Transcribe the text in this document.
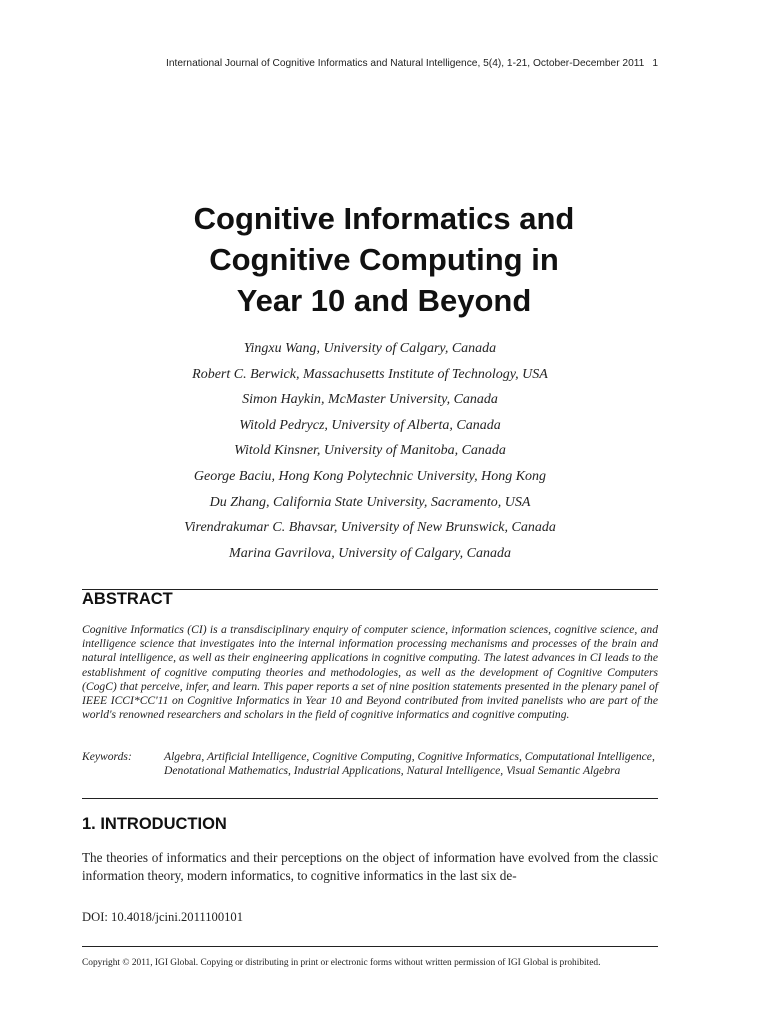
International Journal of Cognitive Informatics and Natural Intelligence, 5(4), 1-21, October-December 2011 1
Cognitive Informatics and
Cognitive Computing in
Year 10 and Beyond
Yingxu Wang, University of Calgary, Canada
Robert C. Berwick, Massachusetts Institute of Technology, USA
Simon Haykin, McMaster University, Canada
Witold Pedrycz, University of Alberta, Canada
Witold Kinsner, University of Manitoba, Canada
George Baciu, Hong Kong Polytechnic University, Hong Kong
Du Zhang, California State University, Sacramento, USA
Virendrakumar C. Bhavsar, University of New Brunswick, Canada
Marina Gavrilova, University of Calgary, Canada
ABSTRACT
Cognitive Informatics (CI) is a transdisciplinary enquiry of computer science, information sciences, cognitive science, and intelligence science that investigates into the internal information processing mechanisms and processes of the brain and natural intelligence, as well as their engineering applications in cognitive computing. The latest advances in CI leads to the establishment of cognitive computing theories and methodologies, as well as the development of Cognitive Computers (CogC) that perceive, infer, and learn. This paper reports a set of nine position statements presented in the plenary panel of IEEE ICCI*CC'11 on Cognitive Informatics in Year 10 and Beyond contributed from invited panelists who are part of the world's renowned researchers and scholars in the field of cognitive informatics and cognitive computing.
Keywords:	Algebra, Artificial Intelligence, Cognitive Computing, Cognitive Informatics, Computational Intelligence, Denotational Mathematics, Industrial Applications, Natural Intelligence, Visual Semantic Algebra
1. INTRODUCTION
The theories of informatics and their perceptions on the object of information have evolved from the classic information theory, modern informatics, to cognitive informatics in the last six de-
DOI: 10.4018/jcini.2011100101
Copyright © 2011, IGI Global. Copying or distributing in print or electronic forms without written permission of IGI Global is prohibited.
